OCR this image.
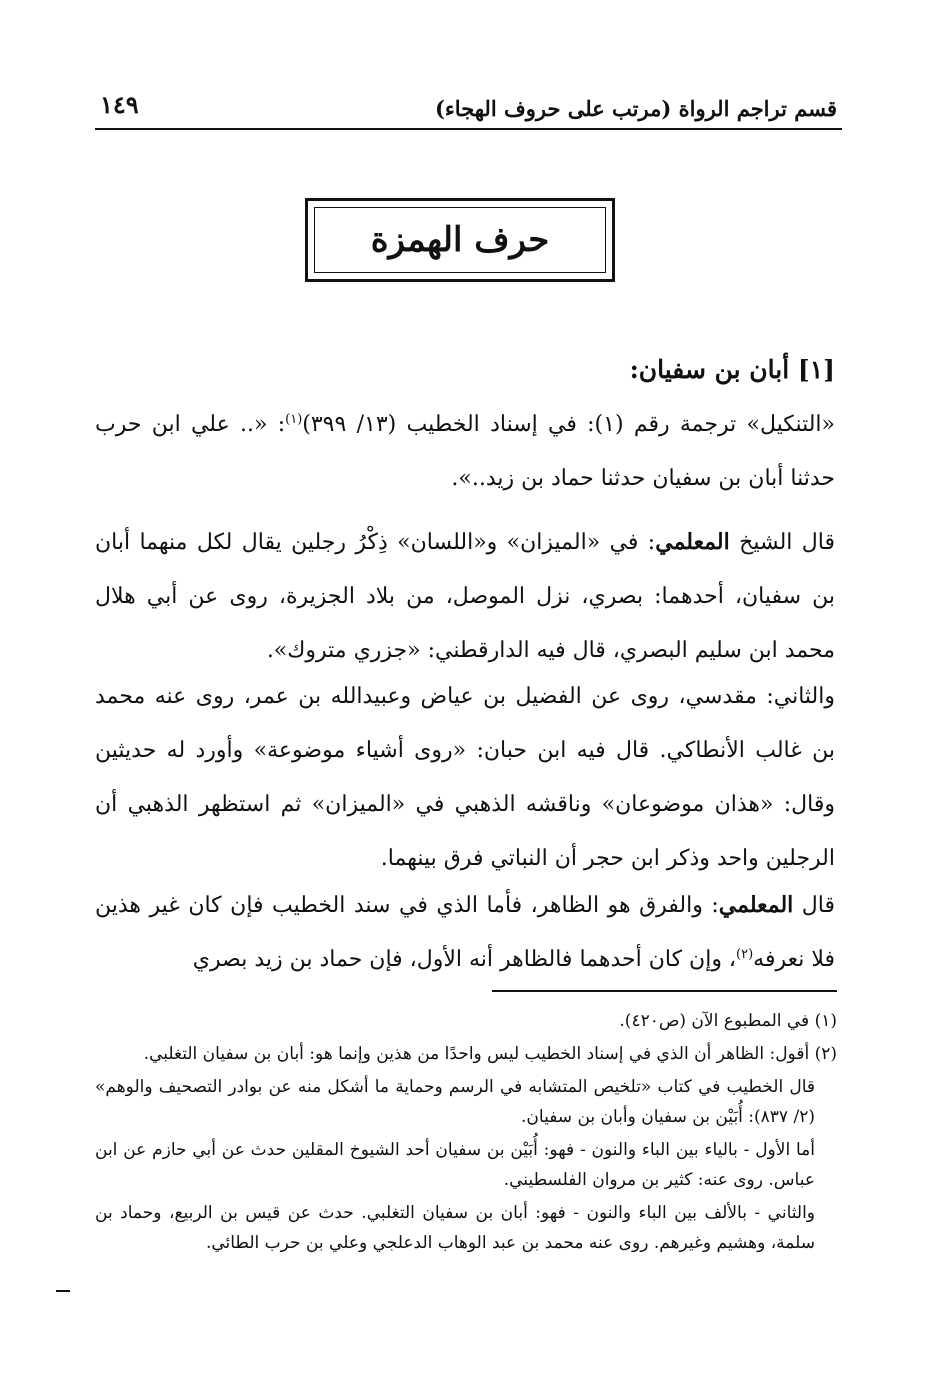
قسم تراجم الرواة (مرتب على حروف الهجاء)
١٤٩
حرف الهمزة
[١] أبان بن سفيان:
«التنكيل» ترجمة رقم (١): في إسناد الخطيب (١٣/ ٣٩٩)$^{(١)}$: «.. علي ابن حرب حدثنا أبان بن سفيان حدثنا حماد بن زيد..».
قال الشيخ المعلمي: في «الميزان» و«اللسان» ذِكْرُ رجلين يقال لكل منهما أبان بن سفيان، أحدهما: بصري، نزل الموصل، من بلاد الجزيرة، روى عن أبي هلال محمد ابن سليم البصري، قال فيه الدارقطني: «جزري متروك».
والثاني: مقدسي، روى عن الفضيل بن عياض وعبيدالله بن عمر، روى عنه محمد بن غالب الأنطاكي. قال فيه ابن حبان: «روى أشياء موضوعة» وأورد له حديثين وقال: «هذان موضوعان» وناقشه الذهبي في «الميزان» ثم استظهر الذهبي أن الرجلين واحد وذكر ابن حجر أن النباتي فرق بينهما.
قال المعلمي: والفرق هو الظاهر، فأما الذي في سند الخطيب فإن كان غير هذين فلا نعرفه$^{(٢)}$، وإن كان أحدهما فالظاهر أنه الأول، فإن حماد بن زيد بصري

(١) في المطبوع الآن (ص٤٢٠).

(٢) أقول: الظاهر أن الذي في إسناد الخطيب ليس واحدًا من هذين وإنما هو: أبان بن سفيان التغلبي.

قال الخطيب في كتاب «تلخيص المتشابه في الرسم وحماية ما أشكل منه عن بوادر التصحيف والوهم» (٢/ ٨٣٧): أُبَيْن بن سفيان وأبان بن سفيان.

أما الأول - بالياء بين الباء والنون - فهو: أُبَيْن بن سفيان أحد الشيوخ المقلين حدث عن أبي حازم عن ابن عباس. روى عنه: كثير بن مروان الفلسطيني.

والثاني - بالألف بين الباء والنون - فهو: أبان بن سفيان التغلبي. حدث عن قيس بن الربيع، وحماد بن سلمة، وهشيم وغيرهم. روى عنه محمد بن عبد الوهاب الدعلجي وعلي بن حرب الطائي.
